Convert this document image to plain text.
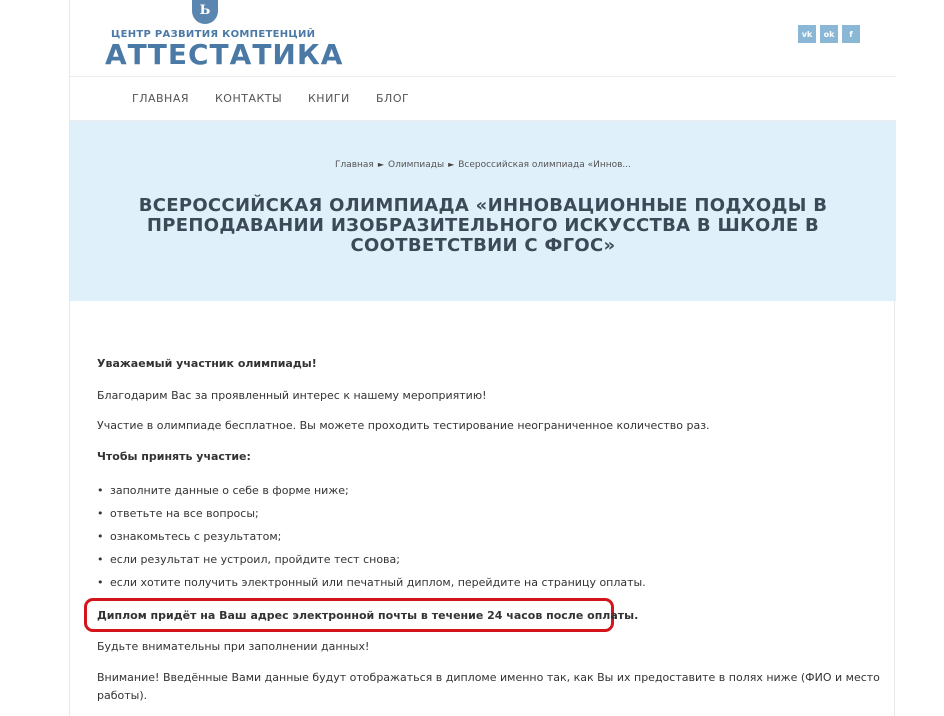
Ь
ЦЕНТР РАЗВИТИЯ КОМПЕТЕНЦИЙ
АТТЕСТАТИКА
vk	ok	f
ГЛАВНАЯ КОНТАКТЫ КНИГИ БЛОГ
Главная ► Олимпиады ► Всероссийская олимпиада «Иннов...
ВСЕРОССИЙСКАЯ ОЛИМПИАДА «ИННОВАЦИОННЫЕ ПОДХОДЫ В
ПРЕПОДАВАНИИ ИЗОБРАЗИТЕЛЬНОГО ИСКУССТВА В ШКОЛЕ В
СООТВЕТСТВИИ С ФГОС»
Уважаемый участник олимпиады!
Благодарим Вас за проявленный интерес к нашему мероприятию!
Участие в олимпиаде бесплатное. Вы можете проходить тестирование неограниченное количество раз.
Чтобы принять участие:
• заполните данные о себе в форме ниже;
• ответьте на все вопросы;
• ознакомьтесь с результатом;
• если результат не устроил, пройдите тест снова;
• если хотите получить электронный или печатный диплом, перейдите на страницу оплаты.
Диплом придёт на Ваш адрес электронной почты в течение 24 часов после оплаты.
Будьте внимательны при заполнении данных!
Внимание! Введённые Вами данные будут отображаться в дипломе именно так, как Вы их предоставите в полях ниже (ФИО и место
работы).
